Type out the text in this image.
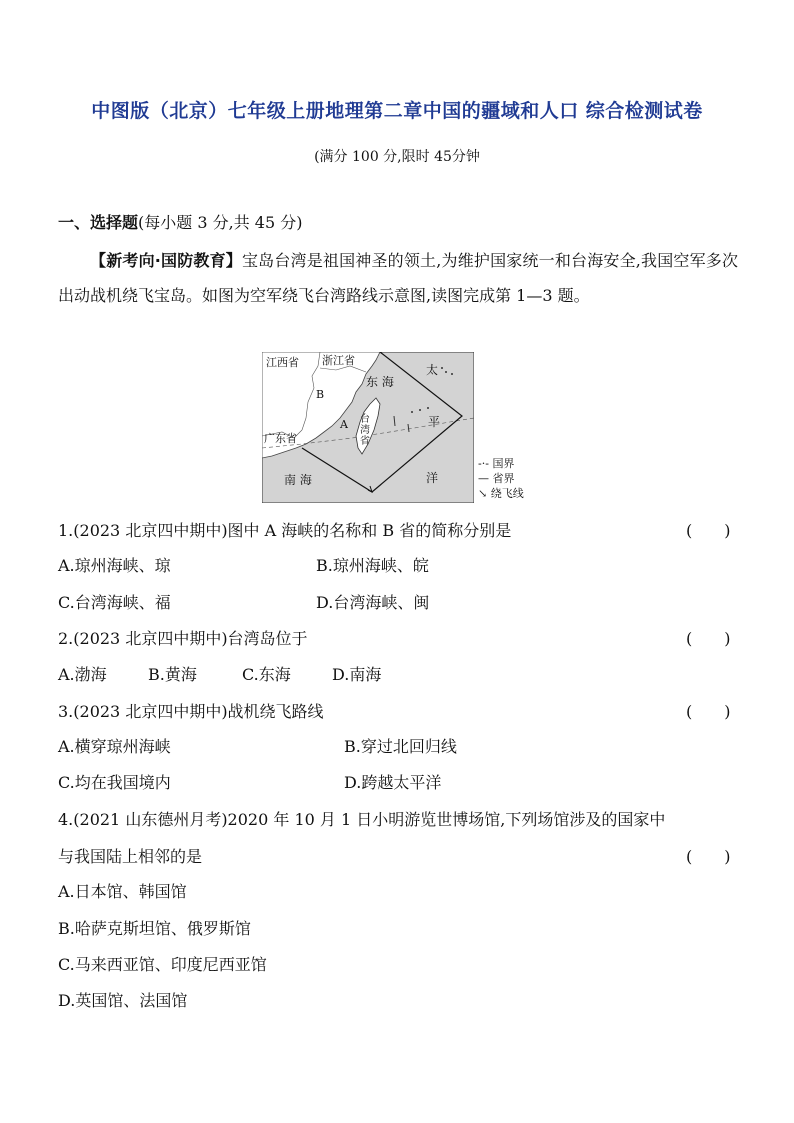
中图版（北京）七年级上册地理第二章中国的疆域和人口 综合检测试卷
(满分 100 分,限时 45分钟
一、选择题(每小题 3 分,共 45 分)
【新考向·国防教育】宝岛台湾是祖国神圣的领土,为维护国家统一和台海安全,我国空军多次出动战机绕飞宝岛。如图为空军绕飞台湾路线示意图,读图完成第 1—3 题。
江西省 浙江省
B
A
东 海
太
台
湾
省
广东省
平
南 海	洋
-·- 国界
— 省界
↘ 绕飞线
1.(2023 北京四中期中)图中 A 海峡的名称和 B 省的简称分别是	(　　)
A.琼州海峡、琼	B.琼州海峡、皖
C.台湾海峡、福	D.台湾海峡、闽
2.(2023 北京四中期中)台湾岛位于	(　　)
A.渤海	B.黄海	C.东海	D.南海
3.(2023 北京四中期中)战机绕飞路线	(　　)
A.横穿琼州海峡	B.穿过北回归线
C.均在我国境内	D.跨越太平洋
4.(2021 山东德州月考)2020 年 10 月 1 日小明游览世博场馆,下列场馆涉及的国家中
与我国陆上相邻的是	(　　)
A.日本馆、韩国馆
B.哈萨克斯坦馆、俄罗斯馆
C.马来西亚馆、印度尼西亚馆
D.英国馆、法国馆
